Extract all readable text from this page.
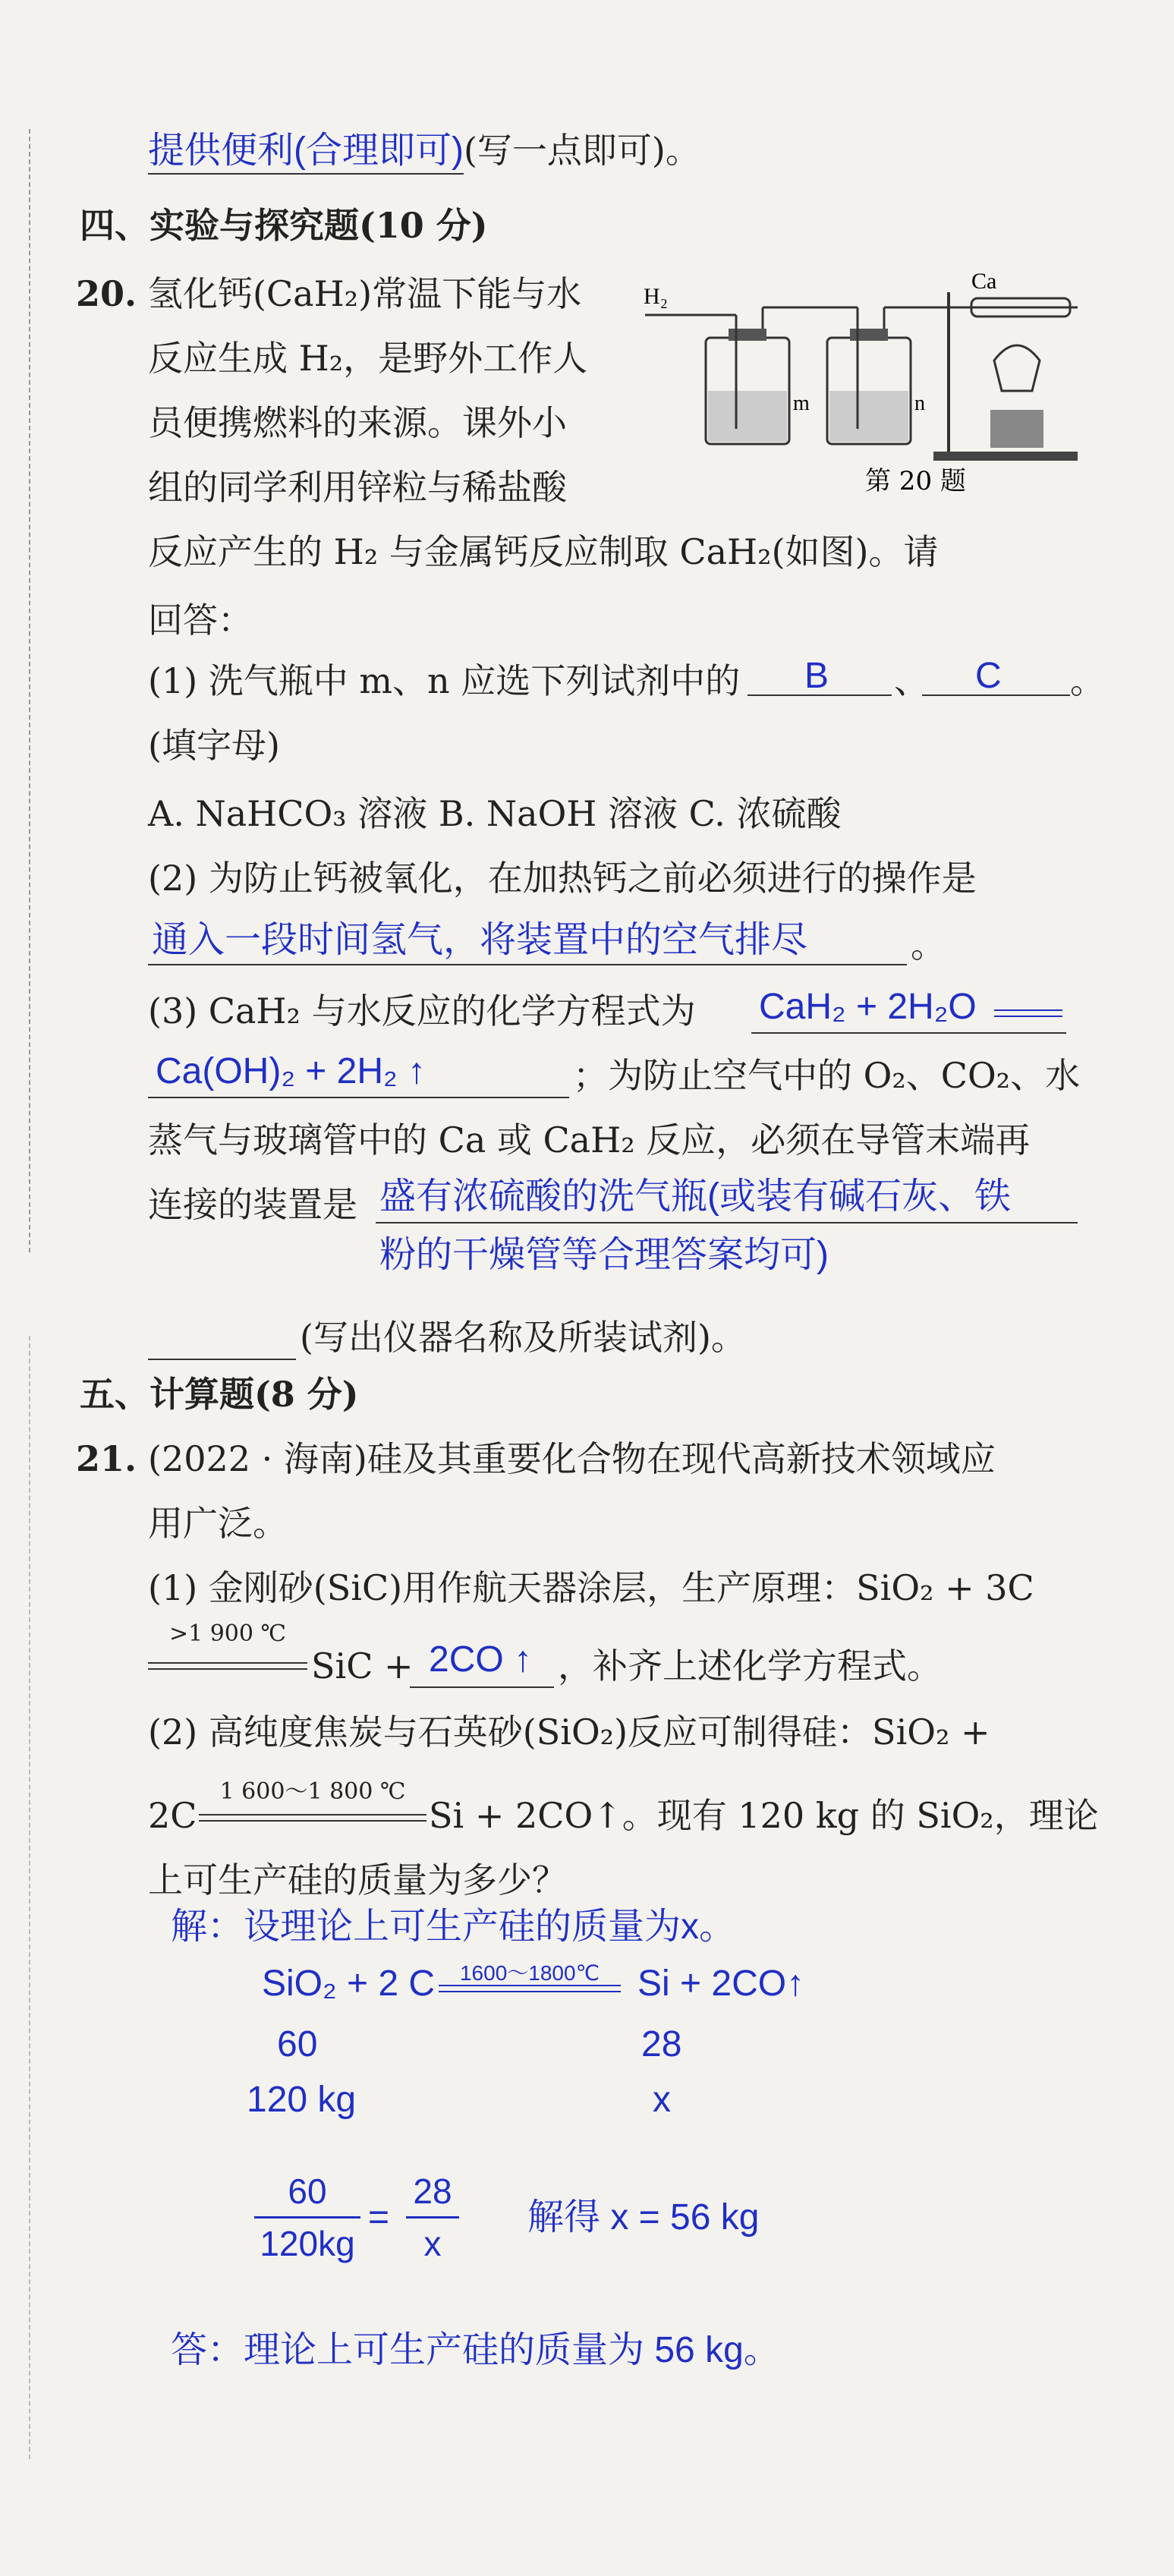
提供便利(合理即可)(写一点即可)。
四、实验与探究题(10 分)
20. 氢化钙(CaH₂)常温下能与水
反应生成 H₂，是野外工作人
员便携燃料的来源。课外小
组的同学利用锌粒与稀盐酸
H₂
m	n
Ca
第 20 题
反应产生的 H₂ 与金属钙反应制取 CaH₂(如图)。请
回答：
(1) 洗气瓶中 m、n 应选下列试剂中的 B 、 C 。
(填字母)
A. NaHCO₃ 溶液 B. NaOH 溶液 C. 浓硫酸
(2) 为防止钙被氧化，在加热钙之前必须进行的操作是
通入一段时间氢气，将装置中的空气排尽	。
(3) CaH₂ 与水反应的化学方程式为 CaH₂ + 2H₂O
Ca(OH)₂ + 2H₂ ↑	；为防止空气中的 O₂、CO₂、水
蒸气与玻璃管中的 Ca 或 CaH₂ 反应，必须在导管末端再
连接的装置是 盛有浓硫酸的洗气瓶(或装有碱石灰、铁
粉的干燥管等合理答案均可)
(写出仪器名称及所装试剂)。
五、计算题(8 分)
21. (2022 · 海南)硅及其重要化合物在现代高新技术领域应
用广泛。
(1) 金刚砂(SiC)用作航天器涂层，生产原理：SiO₂ + 3C
>1 900 ℃
SiC + 2CO ↑ ，补齐上述化学方程式。
(2) 高纯度焦炭与石英砂(SiO₂)反应可制得硅：SiO₂ +
2C
1 600～1 800 ℃
Si + 2CO↑。现有 120 kg 的 SiO₂，理论
上可生产硅的质量为多少？
解：设理论上可生产硅的质量为x。
SiO₂ + 2 C	1600～1800℃	Si + 2CO↑
60	28
120 kg	x
60
120kg
=
28
x
解得 x = 56 kg
答：理论上可生产硅的质量为 56 kg。
